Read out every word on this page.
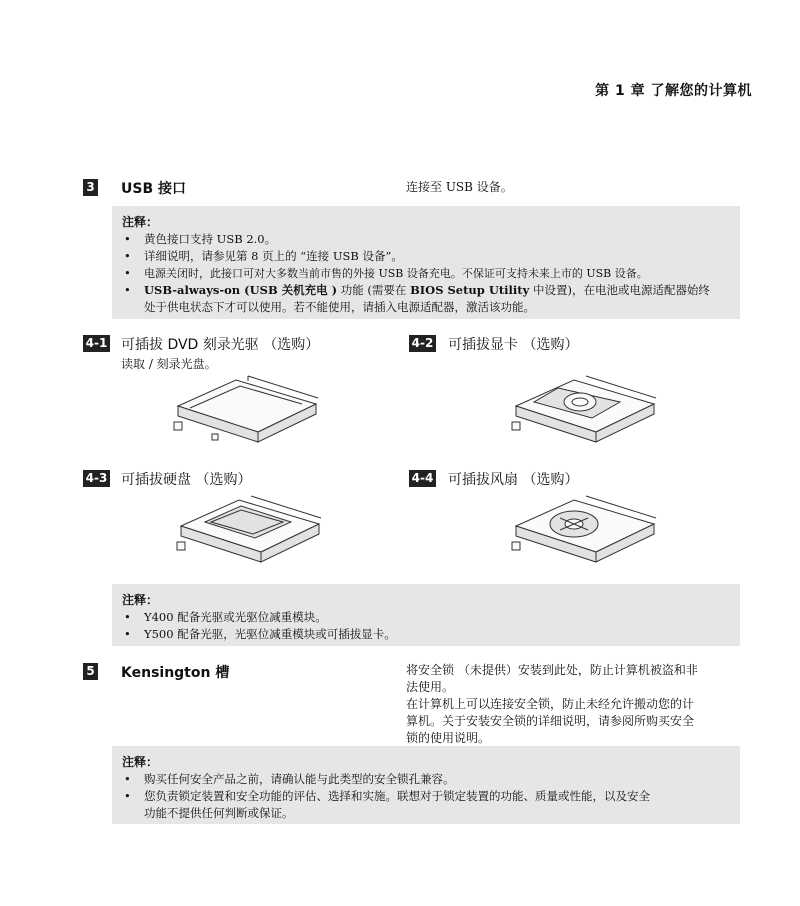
第 1 章 了解您的计算机
3 USB 接口	连接至 USB 设备。
注释：
• 黄色接口支持 USB 2.0。
• 详细说明，请参见第 8 页上的 “连接 USB 设备”。
• 电源关闭时，此接口可对大多数当前市售的外接 USB 设备充电。不保证可支持未来上市的 USB 设备。
• USB-always-on (USB 关机充电 ) 功能 (需要在 BIOS Setup Utility 中设置)，在电池或电源适配器始终
处于供电状态下才可以使用。若不能使用，请插入电源适配器，激活该功能。
4-1 可插拔 DVD 刻录光驱 （选购）
读取 / 刻录光盘。
4-2 可插拔显卡 （选购）
4-3 可插拔硬盘 （选购）	4-4 可插拔风扇 （选购）
注释：
• Y400 配备光驱或光驱位减重模块。
• Y500 配备光驱，光驱位减重模块或可插拔显卡。
5 Kensington 槽	将安全锁 （未提供）安装到此处，防止计算机被盗和非
法使用。
在计算机上可以连接安全锁，防止未经允许搬动您的计
算机。关于安装安全锁的详细说明，请参阅所购买安全
锁的使用说明。
注释：
• 购买任何安全产品之前，请确认能与此类型的安全锁孔兼容。
• 您负责锁定装置和安全功能的评估、选择和实施。联想对于锁定装置的功能、质量或性能，以及安全
功能不提供任何判断或保证。
